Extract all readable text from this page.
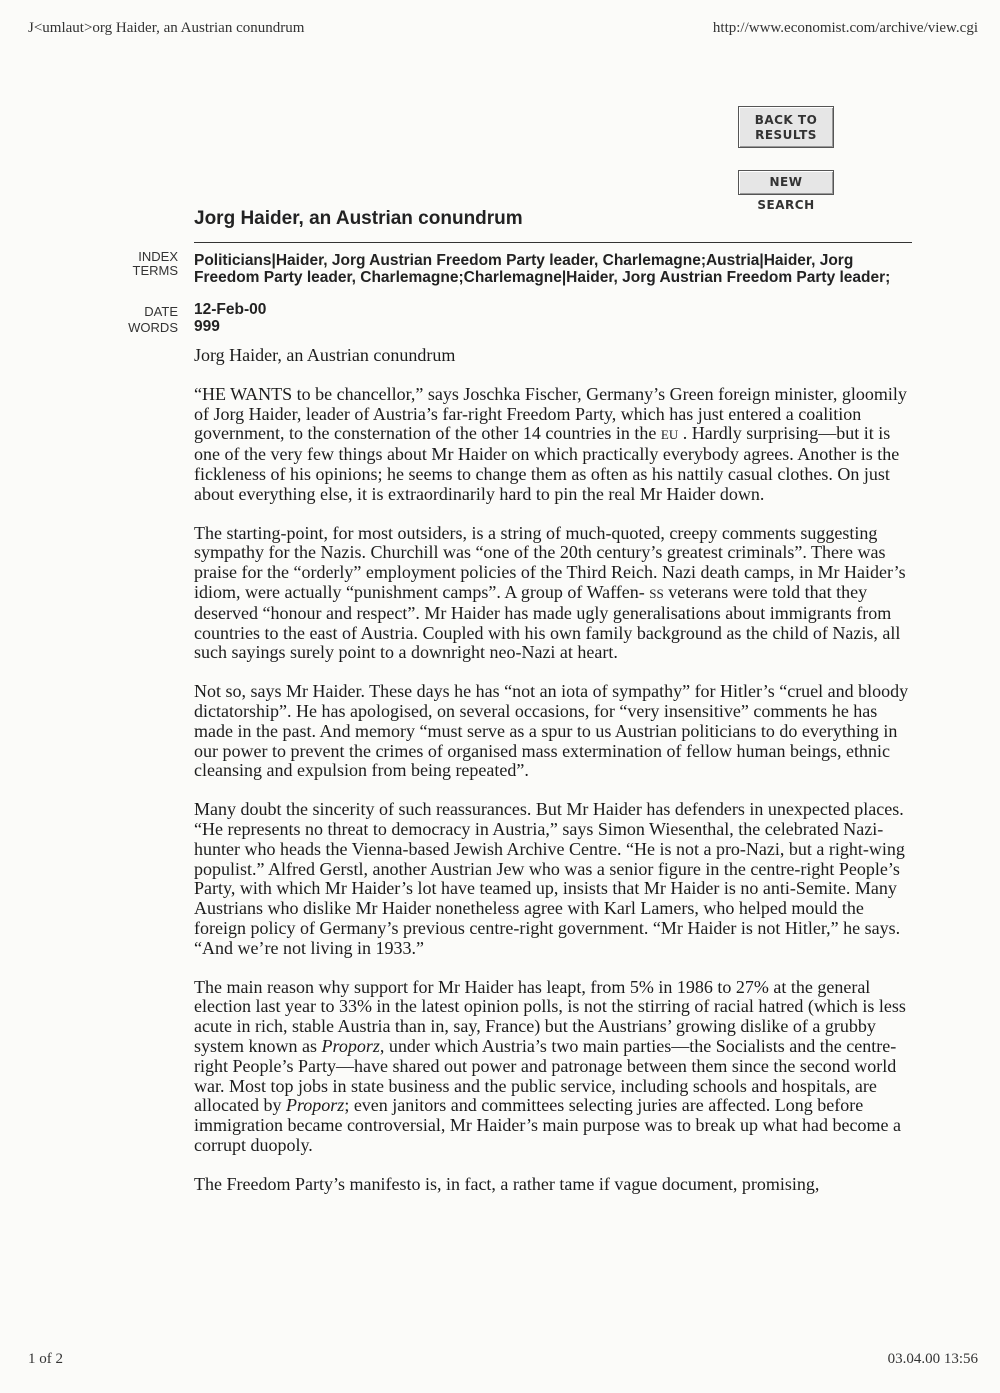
J<umlaut>org Haider, an Austrian conundrum	http://www.economist.com/archive/view.cgi
BACK TO
RESULTS
NEW SEARCH
Jorg Haider, an Austrian conundrum
INDEX
TERMS
Politicians|Haider, Jorg Austrian Freedom Party leader, Charlemagne;Austria|Haider, Jorg Freedom Party leader, Charlemagne;Charlemagne|Haider, Jorg Austrian Freedom Party leader;
DATE 12-Feb-00
WORDS 999

Jorg Haider, an Austrian conundrum

“HE WANTS to be chancellor,” says Joschka Fischer, Germany’s Green foreign minister, gloomily of Jorg Haider, leader of Austria’s far-right Freedom Party, which has just entered a coalition government, to the consternation of the other 14 countries in the EU . Hardly surprising—but it is one of the very few things about Mr Haider on which practically everybody agrees. Another is the fickleness of his opinions; he seems to change them as often as his nattily casual clothes. On just about everything else, it is extraordinarily hard to pin the real Mr Haider down.

The starting-point, for most outsiders, is a string of much-quoted, creepy comments suggesting sympathy for the Nazis. Churchill was “one of the 20th century’s greatest criminals”. There was praise for the “orderly” employment policies of the Third Reich. Nazi death camps, in Mr Haider’s idiom, were actually “punishment camps”. A group of Waffen- SS veterans were told that they deserved “honour and respect”. Mr Haider has made ugly generalisations about immigrants from countries to the east of Austria. Coupled with his own family background as the child of Nazis, all such sayings surely point to a downright neo-Nazi at heart.

Not so, says Mr Haider. These days he has “not an iota of sympathy” for Hitler’s “cruel and bloody dictatorship”. He has apologised, on several occasions, for “very insensitive” comments he has made in the past. And memory “must serve as a spur to us Austrian politicians to do everything in our power to prevent the crimes of organised mass extermination of fellow human beings, ethnic cleansing and expulsion from being repeated”.

Many doubt the sincerity of such reassurances. But Mr Haider has defenders in unexpected places. “He represents no threat to democracy in Austria,” says Simon Wiesenthal, the celebrated Nazi-hunter who heads the Vienna-based Jewish Archive Centre. “He is not a pro-Nazi, but a right-wing populist.” Alfred Gerstl, another Austrian Jew who was a senior figure in the centre-right People’s Party, with which Mr Haider’s lot have teamed up, insists that Mr Haider is no anti-Semite. Many Austrians who dislike Mr Haider nonetheless agree with Karl Lamers, who helped mould the foreign policy of Germany’s previous centre-right government. “Mr Haider is not Hitler,” he says. “And we’re not living in 1933.”

The main reason why support for Mr Haider has leapt, from 5% in 1986 to 27% at the general election last year to 33% in the latest opinion polls, is not the stirring of racial hatred (which is less acute in rich, stable Austria than in, say, France) but the Austrians’ growing dislike of a grubby system known as Proporz, under which Austria’s two main parties—the Socialists and the centre-right People’s Party—have shared out power and patronage between them since the second world war. Most top jobs in state business and the public service, including schools and hospitals, are allocated by Proporz; even janitors and committees selecting juries are affected. Long before immigration became controversial, Mr Haider’s main purpose was to break up what had become a corrupt duopoly.

The Freedom Party’s manifesto is, in fact, a rather tame if vague document, promising,

1 of 2	03.04.00 13:56
